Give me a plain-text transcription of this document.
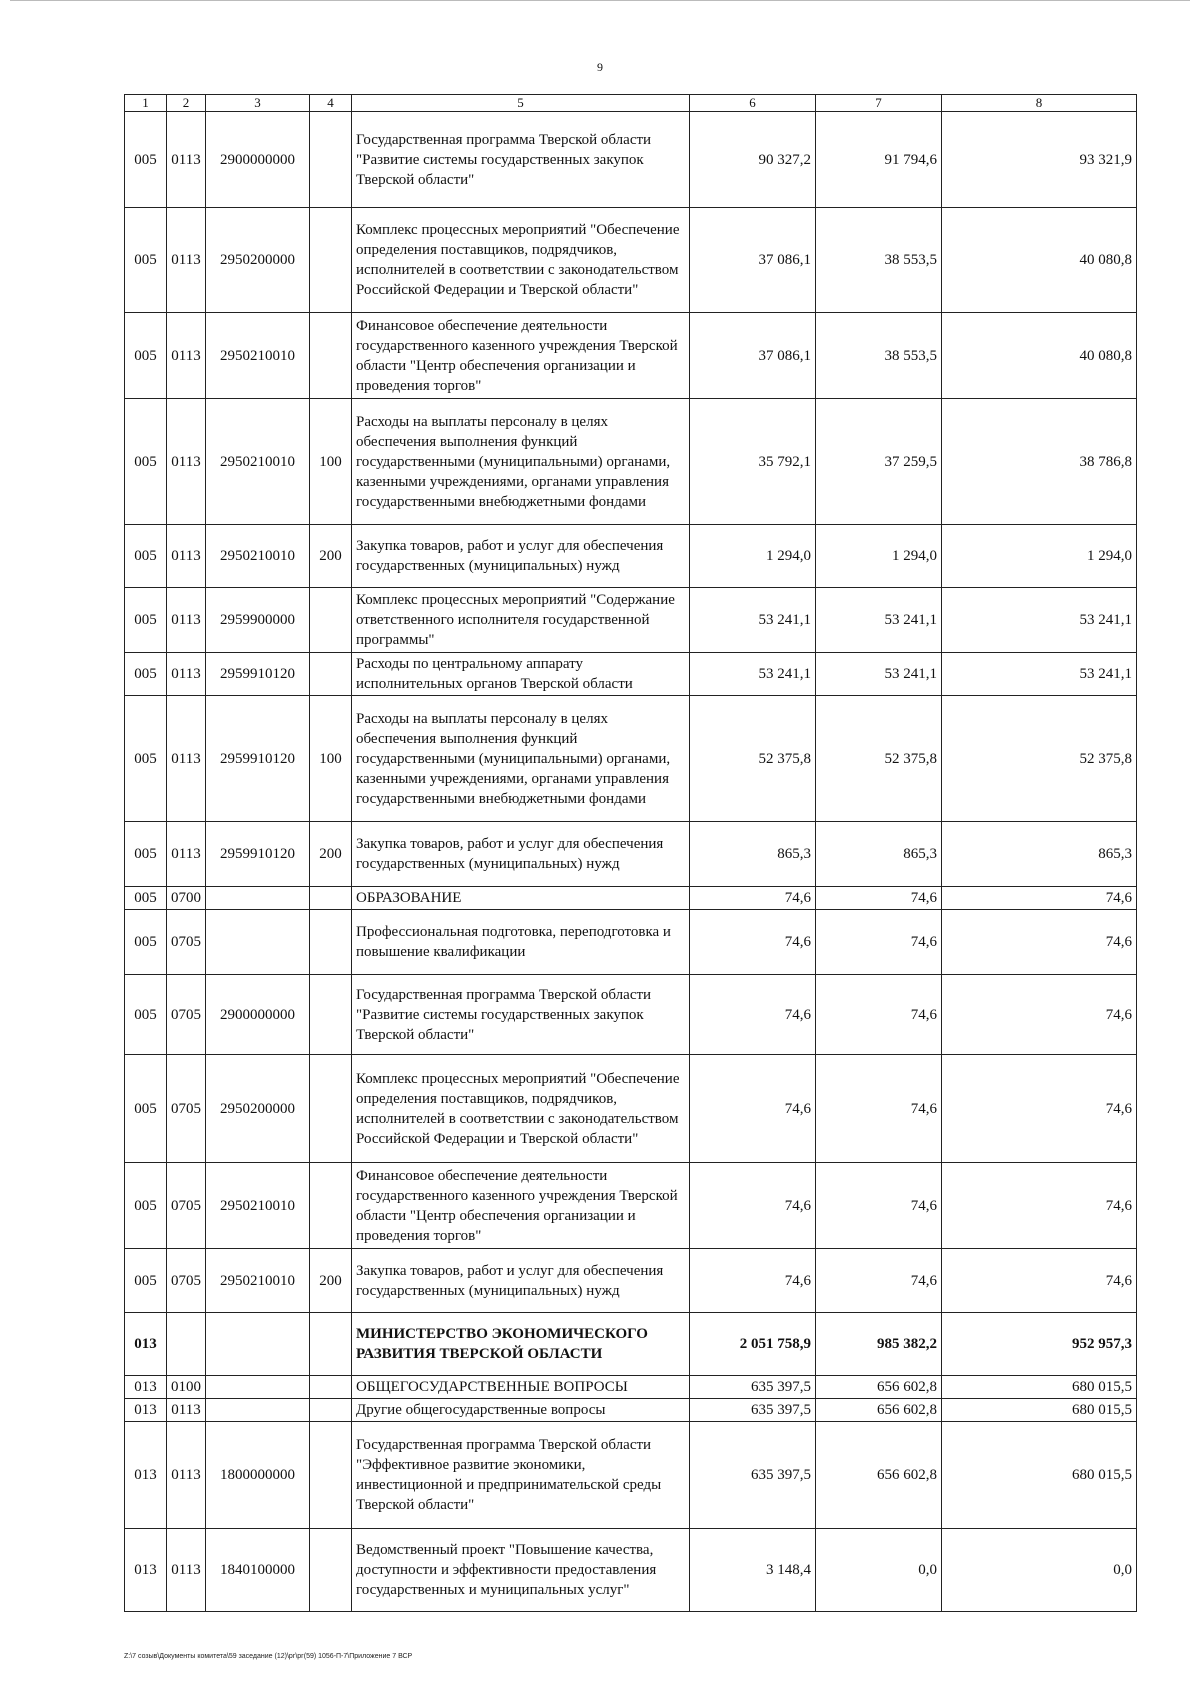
9
1	2	3	4	5	6	7	8
005	0113	2900000000		Государственная программа Тверской области "Развитие системы государственных закупок Тверской области"	90 327,2	91 794,6	93 321,9
005	0113	2950200000		Комплекс процессных мероприятий "Обеспечение определения поставщиков, подрядчиков, исполнителей в соответствии с законодательством Российской Федерации и Тверской области"	37 086,1	38 553,5	40 080,8
005	0113	2950210010		Финансовое обеспечение деятельности государственного казенного учреждения Тверской области "Центр обеспечения организации и проведения торгов"	37 086,1	38 553,5	40 080,8
005	0113	2950210010	100	Расходы на выплаты персоналу в целях обеспечения выполнения функций государственными (муниципальными) органами, казенными учреждениями, органами управления государственными внебюджетными фондами	35 792,1	37 259,5	38 786,8
005	0113	2950210010	200	Закупка товаров, работ и услуг для обеспечения государственных (муниципальных) нужд	1 294,0	1 294,0	1 294,0
005	0113	2959900000		Комплекс процессных мероприятий "Содержание ответственного исполнителя государственной программы"	53 241,1	53 241,1	53 241,1
005	0113	2959910120		Расходы по центральному аппарату исполнительных органов Тверской области	53 241,1	53 241,1	53 241,1
005	0113	2959910120	100	Расходы на выплаты персоналу в целях обеспечения выполнения функций государственными (муниципальными) органами, казенными учреждениями, органами управления государственными внебюджетными фондами	52 375,8	52 375,8	52 375,8
005	0113	2959910120	200	Закупка товаров, работ и услуг для обеспечения государственных (муниципальных) нужд	865,3	865,3	865,3
005	0700			ОБРАЗОВАНИЕ	74,6	74,6	74,6
005	0705			Профессиональная подготовка, переподготовка и повышение квалификации	74,6	74,6	74,6
005	0705	2900000000		Государственная программа Тверской области "Развитие системы государственных закупок Тверской области"	74,6	74,6	74,6
005	0705	2950200000		Комплекс процессных мероприятий "Обеспечение определения поставщиков, подрядчиков, исполнителей в соответствии с законодательством Российской Федерации и Тверской области"	74,6	74,6	74,6
005	0705	2950210010		Финансовое обеспечение деятельности государственного казенного учреждения Тверской области "Центр обеспечения организации и проведения торгов"	74,6	74,6	74,6
005	0705	2950210010	200	Закупка товаров, работ и услуг для обеспечения государственных (муниципальных) нужд	74,6	74,6	74,6
013				МИНИСТЕРСТВО ЭКОНОМИЧЕСКОГО РАЗВИТИЯ ТВЕРСКОЙ ОБЛАСТИ	2 051 758,9	985 382,2	952 957,3
013	0100			ОБЩЕГОСУДАРСТВЕННЫЕ ВОПРОСЫ	635 397,5	656 602,8	680 015,5
013	0113			Другие общегосударственные вопросы	635 397,5	656 602,8	680 015,5
013	0113	1800000000		Государственная программа Тверской области "Эффективное развитие экономики, инвестиционной и предпринимательской среды Тверской области"	635 397,5	656 602,8	680 015,5
013	0113	1840100000		Ведомственный проект "Повышение качества, доступности и эффективности предоставления государственных и муниципальных услуг"	3 148,4	0,0	0,0
Z:\7 созыв\Документы комитета\59 заседание (12)\рг\рг(59) 1056-П-7\Приложение 7 ВСР
